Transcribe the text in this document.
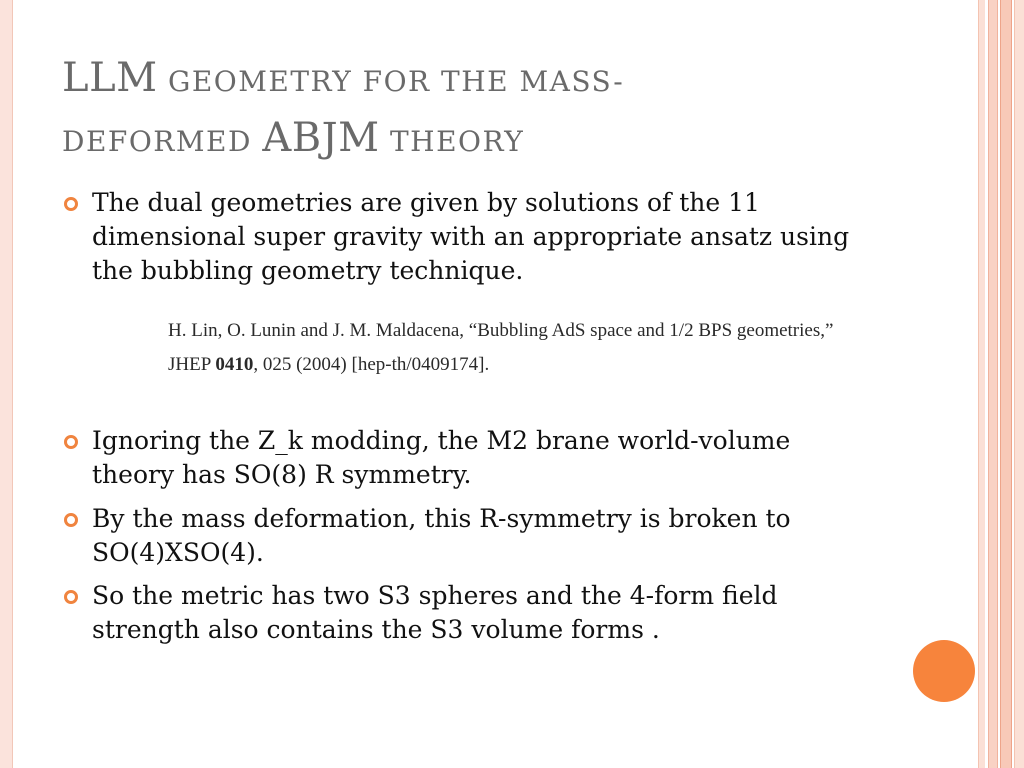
LLM GEOMETRY FOR THE MASS-
DEFORMED ABJM THEORY
The dual geometries are given by solutions of the 11 dimensional super gravity with an appropriate ansatz using the bubbling geometry technique.
Ignoring the Z_k modding, the M2 brane world-volume theory has SO(8) R symmetry.
By the mass deformation, this R-symmetry is broken to SO(4)XSO(4).
So the metric has two S3 spheres and the 4-form field strength also contains the S3 volume forms .
H. Lin, O. Lunin and J. M. Maldacena, “Bubbling AdS space and 1/2 BPS geometries,”
JHEP 0410, 025 (2004) [hep-th/0409174].
